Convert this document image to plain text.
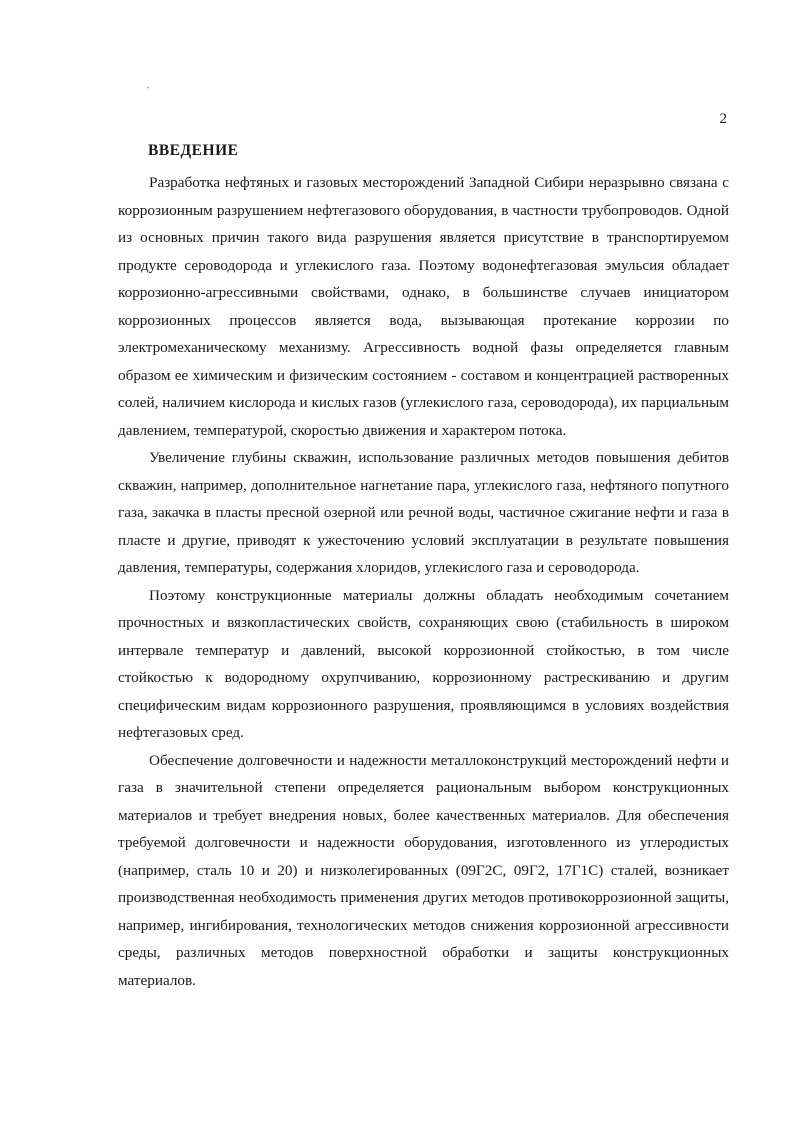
`
2
ВВЕДЕНИЕ

Разработка нефтяных и газовых месторождений Западной Сибири неразрывно связана с коррозионным разрушением нефтегазового оборудования, в частности трубопроводов. Одной из основных причин такого вида разрушения является присутствие в транспортируемом продукте сероводорода и углекислого газа. Поэтому водонефтегазовая эмульсия обладает коррозионно-агрессивными свойствами, однако, в большинстве случаев инициатором коррозионных процессов является вода, вызывающая протекание коррозии по электромеханическому механизму. Агрессивность водной фазы определяется главным образом ее химическим и физическим состоянием - составом и концентрацией растворенных солей, наличием кислорода и кислых газов (углекислого газа, сероводорода), их парциальным давлением, температурой, скоростью движения и характером потока.

Увеличение глубины скважин, использование различных методов повышения дебитов скважин, например, дополнительное нагнетание пара, углекислого газа, нефтяного попутного газа, закачка в пласты пресной озерной или речной воды, частичное сжигание нефти и газа в пласте и другие, приводят к ужесточению условий эксплуатации в результате повышения давления, температуры, содержания хлоридов, углекислого газа и сероводорода.

Поэтому конструкционные материалы должны обладать необходимым сочетанием прочностных и вязкопластических свойств, сохраняющих свою (стабильность в широком интервале температур и давлений, высокой коррозионной стойкостью, в том числе стойкостью к водородному охрупчиванию, коррозионному растрескиванию и другим специфическим видам коррозионного разрушения, проявляющимся в условиях воздействия нефтегазовых сред.

Обеспечение долговечности и надежности металлоконструкций месторождений нефти и газа в значительной степени определяется рациональным выбором конструкционных материалов и требует внедрения новых, более качественных материалов. Для обеспечения требуемой долговечности и надежности оборудования, изготовленного из углеродистых (например, сталь 10 и 20) и низколегированных (09Г2С, 09Г2, 17Г1С) сталей, возникает производственная необходимость применения других методов противокоррозионной защиты, например, ингибирования, технологических методов снижения коррозионной агрессивности среды, различных методов поверхностной обработки и защиты конструкционных материалов.
